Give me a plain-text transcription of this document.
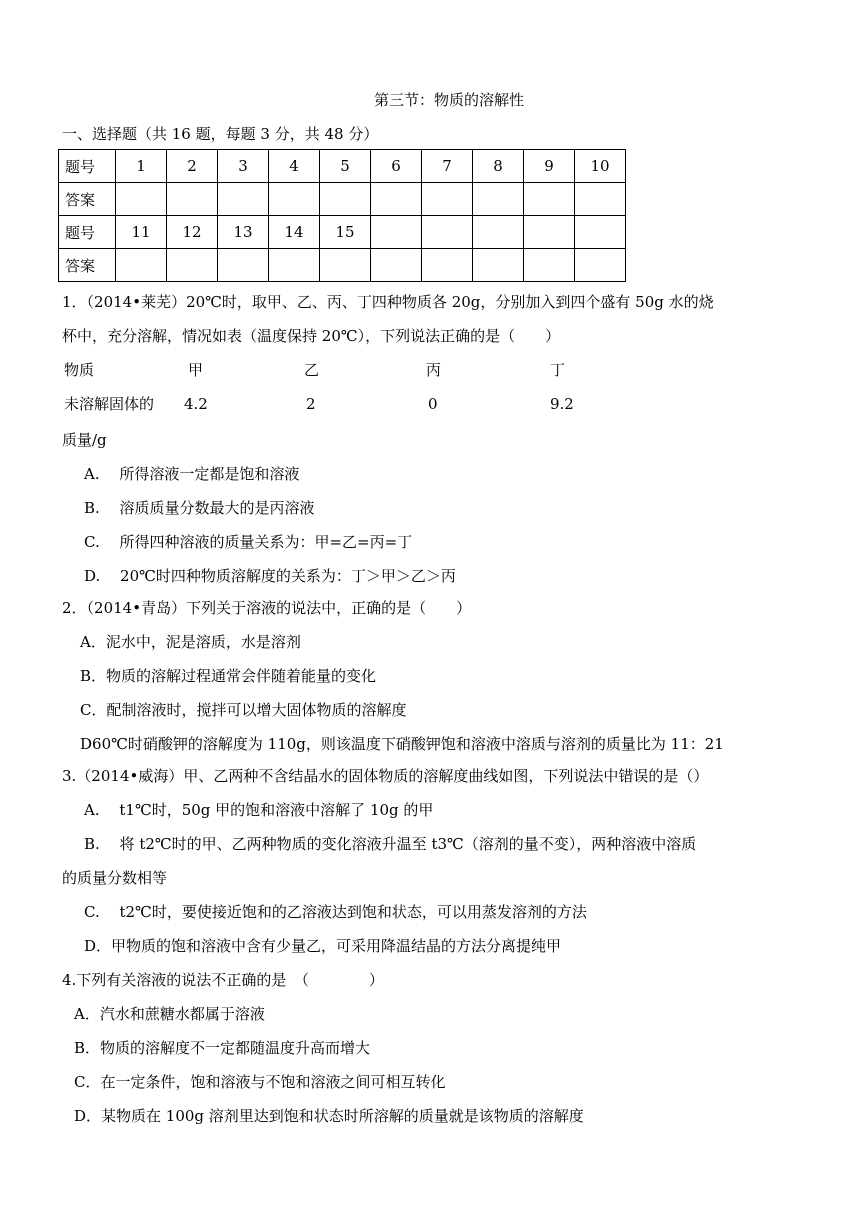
第三节：物质的溶解性
一、选择题（共 16 题，每题 3 分，共 48 分）
题号	1	2	3	4	5	6	7	8	9	10
答案										
题号	11	12	13	14	15					
答案										
1．（2014•莱芜）20℃时，取甲、乙、丙、丁四种物质各 20g，分别加入到四个盛有 50g 水的烧
杯中，充分溶解，情况如表（温度保持 20℃），下列说法正确的是（　　）
物质	甲	乙	丙	丁
未溶解固体的 4.2	2	0	9.2
质量/g
A.　 所得溶液一定都是饱和溶液
B.　 溶质质量分数最大的是丙溶液
C.　 所得四种溶液的质量关系为：甲=乙=丙=丁
D.　 20℃时四种物质溶解度的关系为：丁＞甲＞乙＞丙
2．（2014•青岛）下列关于溶液的说法中，正确的是（　　）
A．泥水中，泥是溶质，水是溶剂
B．物质的溶解过程通常会伴随着能量的变化
C．配制溶液时，搅拌可以增大固体物质的溶解度
D60℃时硝酸钾的溶解度为 110g，则该温度下硝酸钾饱和溶液中溶质与溶剂的质量比为 11：21
3.（2014•威海）甲、乙两种不含结晶水的固体物质的溶解度曲线如图，下列说法中错误的是（）
A.　 t1℃时，50g 甲的饱和溶液中溶解了 10g 的甲
B.　 将 t2℃时的甲、乙两种物质的变化溶液升温至 t3℃（溶剂的量不变），两种溶液中溶质
的质量分数相等
C.　 t2℃时，要使接近饱和的乙溶液达到饱和状态，可以用蒸发溶剂的方法
D．甲物质的饱和溶液中含有少量乙，可采用降温结晶的方法分离提纯甲
4.下列有关溶液的说法不正确的是　（　　　　）
A．汽水和蔗糖水都属于溶液
B．物质的溶解度不一定都随温度升高而增大
C．在一定条件，饱和溶液与不饱和溶液之间可相互转化
D．某物质在 100g 溶剂里达到饱和状态时所溶解的质量就是该物质的溶解度
